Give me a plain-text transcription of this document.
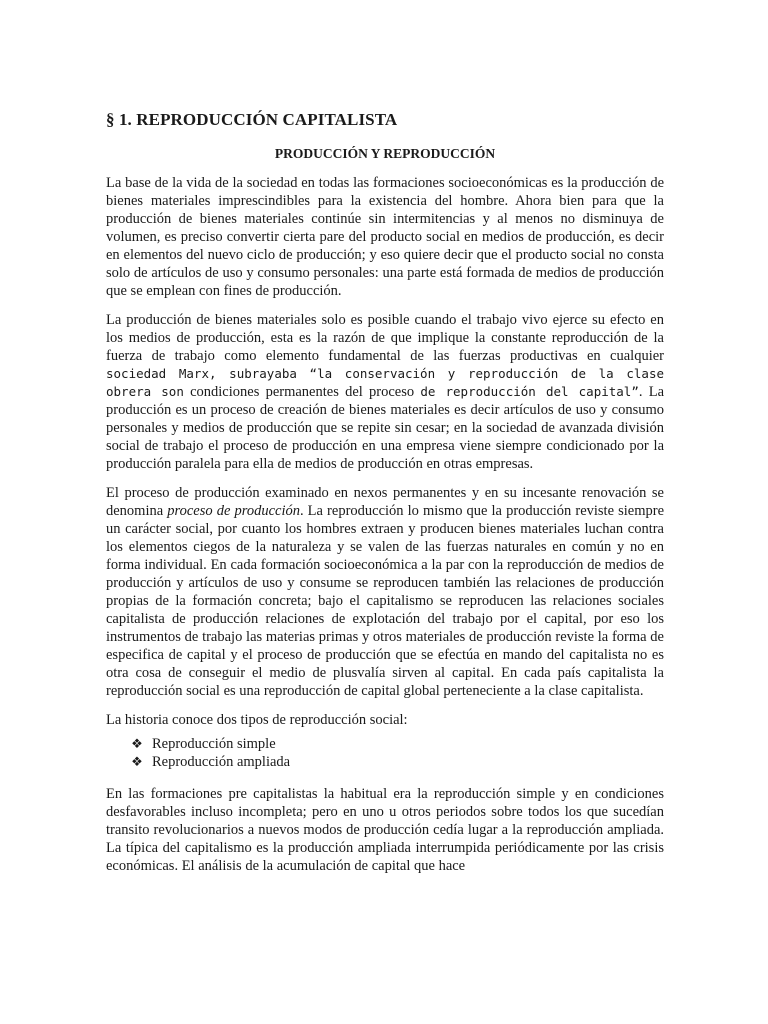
§ 1. REPRODUCCIÓN CAPITALISTA
PRODUCCIÓN Y REPRODUCCIÓN

La base de la vida de la sociedad en todas las formaciones socioeconómicas es la producción de bienes materiales imprescindibles para la existencia del hombre. Ahora bien para que la producción de bienes materiales continúe sin intermitencias y al menos no disminuya de volumen, es preciso convertir cierta pare del producto social en medios de producción, es decir en elementos del nuevo ciclo de producción; y eso quiere decir que el producto social no consta solo de artículos de uso y consumo personales: una parte está formada de medios de producción que se emplean con fines de producción.

La producción de bienes materiales solo es posible cuando el trabajo vivo ejerce su efecto en los medios de producción, esta es la razón de que implique la constante reproducción de la fuerza de trabajo como elemento fundamental de las fuerzas productivas en cualquier sociedad Marx, subrayaba “la conservación y reproducción de la clase obrera son condiciones permanentes del proceso de reproducción del capital”. La producción es un proceso de creación de bienes materiales es decir artículos de uso y consumo personales y medios de producción que se repite sin cesar; en la sociedad de avanzada división social de trabajo el proceso de producción en una empresa viene siempre condicionado por la producción paralela para ella de medios de producción en otras empresas.

El proceso de producción examinado en nexos permanentes y en su incesante renovación se denomina proceso de producción. La reproducción lo mismo que la producción reviste siempre un carácter social, por cuanto los hombres extraen y producen bienes materiales luchan contra los elementos ciegos de la naturaleza y se valen de las fuerzas naturales en común y no en forma individual. En cada formación socioeconómica a la par con la reproducción de medios de producción y artículos de uso y consume se reproducen también las relaciones de producción propias de la formación concreta; bajo el capitalismo se reproducen las relaciones sociales capitalista de producción relaciones de explotación del trabajo por el capital, por eso los instrumentos de trabajo las materias primas y otros materiales de producción reviste la forma de especifica de capital y el proceso de producción que se efectúa en mando del capitalista no es otra cosa de conseguir el medio de plusvalía sirven al capital. En cada país capitalista la reproducción social es una reproducción de capital global perteneciente a la clase capitalista.

La historia conoce dos tipos de reproducción social:

❖ Reproducción simple
❖ Reproducción ampliada

En las formaciones pre capitalistas la habitual era la reproducción simple y en condiciones desfavorables incluso incompleta; pero en uno u otros periodos sobre todos los que sucedían transito revolucionarios a nuevos modos de producción cedía lugar a la reproducción ampliada. La típica del capitalismo es la producción ampliada interrumpida periódicamente por las crisis económicas. El análisis de la acumulación de capital que hace
